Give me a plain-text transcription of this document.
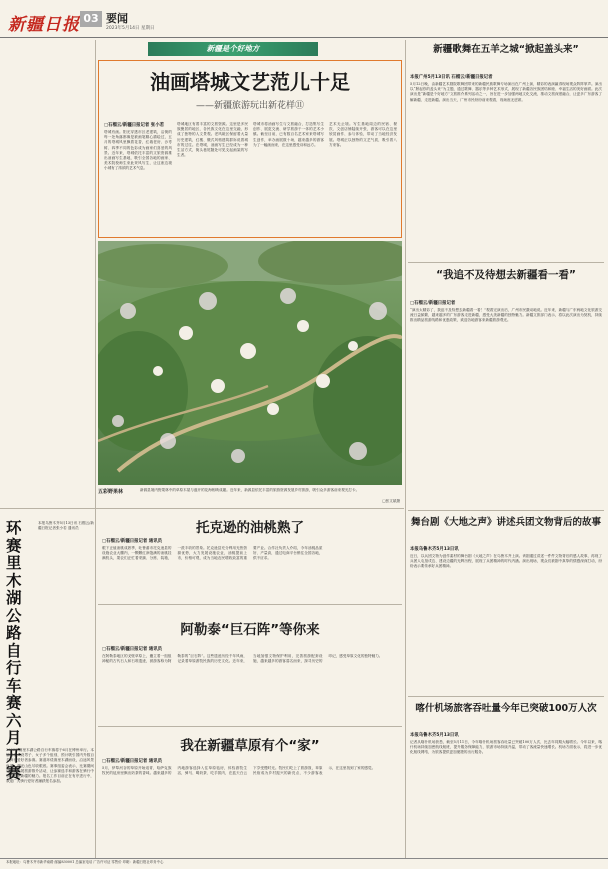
新疆日报 03 要闻
2023年5月14日 星期日
新疆是个好地方
油画塔城文艺范儿十足
——新疆旅游玩出新花样⑪
□石榴云/新疆日报记者 张小若
塔城有画。阳光穿透市区老建筑，沿街的每一处角落都像是被画笔精心描绘过，五月的塔城风里飘着花香，红墙老房、沙枣树、四季不同的色彩成为画家们喜爱的风景。近年来，塔城依托丰富的文旅资源推出油画写生基地，吸引全国各地的画家、美术院校师生来此采风写生，让这座边境小城有了浓浓的艺术气息。
塔城地区有着丰富的文旅资源。这里是多民族聚居的地区，各民族文化在这里交融，形成了独特的人文景观。老风貌区保留着大量历史建筑，红楼、俄式风格建筑群诉说着城市的过往。在塔城，油画写生已经成为一种生活方式，街头巷尾随处可见支起画架的写生者。
塔城市将油画写生与文旅融合，打造集写生创作、展览交流、研学旅游于一体的艺术小镇。截至目前，已有数百名艺术家来塔城写生创作，举办画展数十场，越来越多的游客为了一幅画而来，在这里感受诗和远方。
艺术无止境。写生基地周边的民宿、餐饮、文创店铺陆续开张，游客可以在这里欣赏画作、参与体验，带动了当地经济发展。塔城正以独特的文艺气质，吸引着八方来客。
五彩野果林	新源县境内野果林中的草原木屋与盛开的花海相映成趣。近年来，新源县依托丰富的旅游资源发展乡村旅游，吸引众多游客前来观光打卡。
□张文斌摄
环赛里木湖公路自行车赛六月开赛
本报乌鲁木齐5月13日讯 石榴云/新疆日报记者张小若 通讯员
2023环赛里木湖公路自行车赛将于6月在博州举行。本届赛事共设男子、女子多个组别，预计吸引国内外数百名骑行爱好者参赛。赛道环绕赛里木湖而设，沿途风景优美，湖光山色尽收眼底。赛事组委会表示，比赛期间将同步开展旅游推介活动，让参赛选手和游客在骑行中领略大美新疆的魅力。报名工作目前正在有序进行中，欢迎广大骑行爱好者踊跃报名参加。
托克逊的油桃熟了
□石榴云/新疆日报记者 通讯员
眼下正值油桃成熟季，吐鲁番市托克逊县的设施农业大棚内，一颗颗红润饱满的油桃挂满枝头，果农们正忙着采摘、分拣、装箱，一派丰收的景象。托克逊县充分利用光热资源优势，大力发展设施农业，油桃提前上市，价格可观，成为当地农民增收致富的重要产业。合作社负责人介绍，今年油桃品质好、产量高，通过电商平台销往全国各地，供不应求。
阿勒泰“巨石阵”等你来
□石榴云/新疆日报记者 通讯员
在阿勒泰地区的戈壁草原上，矗立着一组组神秘的古代石人和石堆遗迹，被游客称为阿勒泰的“巨石阵”。这些遗迹历经千年风雨，记录着草原游牧民族的历史文化。近年来，当地加强文物保护利用，完善旅游配套设施，越来越多的游客慕名而来，探寻历史的印记，感受草原文化的独特魅力。
我在新疆草原有个“家”
□石榴云/新疆日报记者 通讯员
5月，伊犁河谷的草原开始返青，哈萨克族牧民的毡房里飘出奶茶的香味。越来越多的内地游客选择入住草原毡房，体验游牧生活，骑马、喝奶茶、吃手抓肉，在蓝天白云下享受慢时光。牧民们吃上了旅游饭，草原民宿成为乡村振兴的新亮点，不少游客表示，在这里找到了家的感觉。
新疆歌舞在五羊之城“掀起盖头来”
本报广州5月13日讯 石榴云/新疆日报记者
5月12日晚，由新疆艺术剧院歌舞团带来的新疆民族歌舞专场演出在广州上演，精彩的表演赢得现场观众阵阵掌声。演出以“掀起你的盖头来”为主题，通过歌舞、器乐等多种艺术形式，展现了新疆各民族团结和睦、幸福生活的美好画面。此次演出是“新疆是个好地方”文旅推介系列活动之一，旨在进一步加强两地文化交流，推动文旅深度融合，让更多广东游客了解新疆、走进新疆。演出当天，广州市民纷纷前来观看，现场座无虚席。
“我追不及待想去新疆看一看”
□石榴云/新疆日报记者
“演出太精彩了，我迫不及待想去新疆看一看！”观看完演出后，广州市民激动地说。近年来，新疆与广东两地文化旅游交流日益频繁，越来越多的广东游客走进新疆，感受大美新疆的独特魅力。新疆文旅部门表示，将以此次演出为契机，持续推出精品旅游线路和优惠政策，欢迎各地游客来新疆旅游观光。
舞台剧《大地之声》讲述兵团文物背后的故事
本报乌鲁木齐5月13日讯
近日，以兵团文物为创作素材的舞台剧《大地之声》在乌鲁木齐上演。该剧通过讲述一件件文物背后的感人故事，再现了兵团人屯垦戍边、建设边疆的光辉历程，展现了兵团精神的时代内涵。演出现场，观众们被剧中真挚的情感深深打动，纷纷表示要传承好兵团精神。
喀什机场旅客吞吐量今年已突破100万人次
本报乌鲁木齐5月13日讯
记者从喀什机场获悉，截至5月11日，今年喀什机场旅客吞吐量已突破100万人次，比去年同期大幅增长。今年以来，喀什机场持续加密航线航班，提升服务保障能力，旅游市场持续升温，带动了客流量快速增长。机场方面表示，将进一步优化航线网络，为旅客提供更加便捷的出行服务。
本报地址：乌鲁木齐市新华南路 邮编830001 总编室电话 广告许可证 零售价 印刷：新疆日报社印务中心
